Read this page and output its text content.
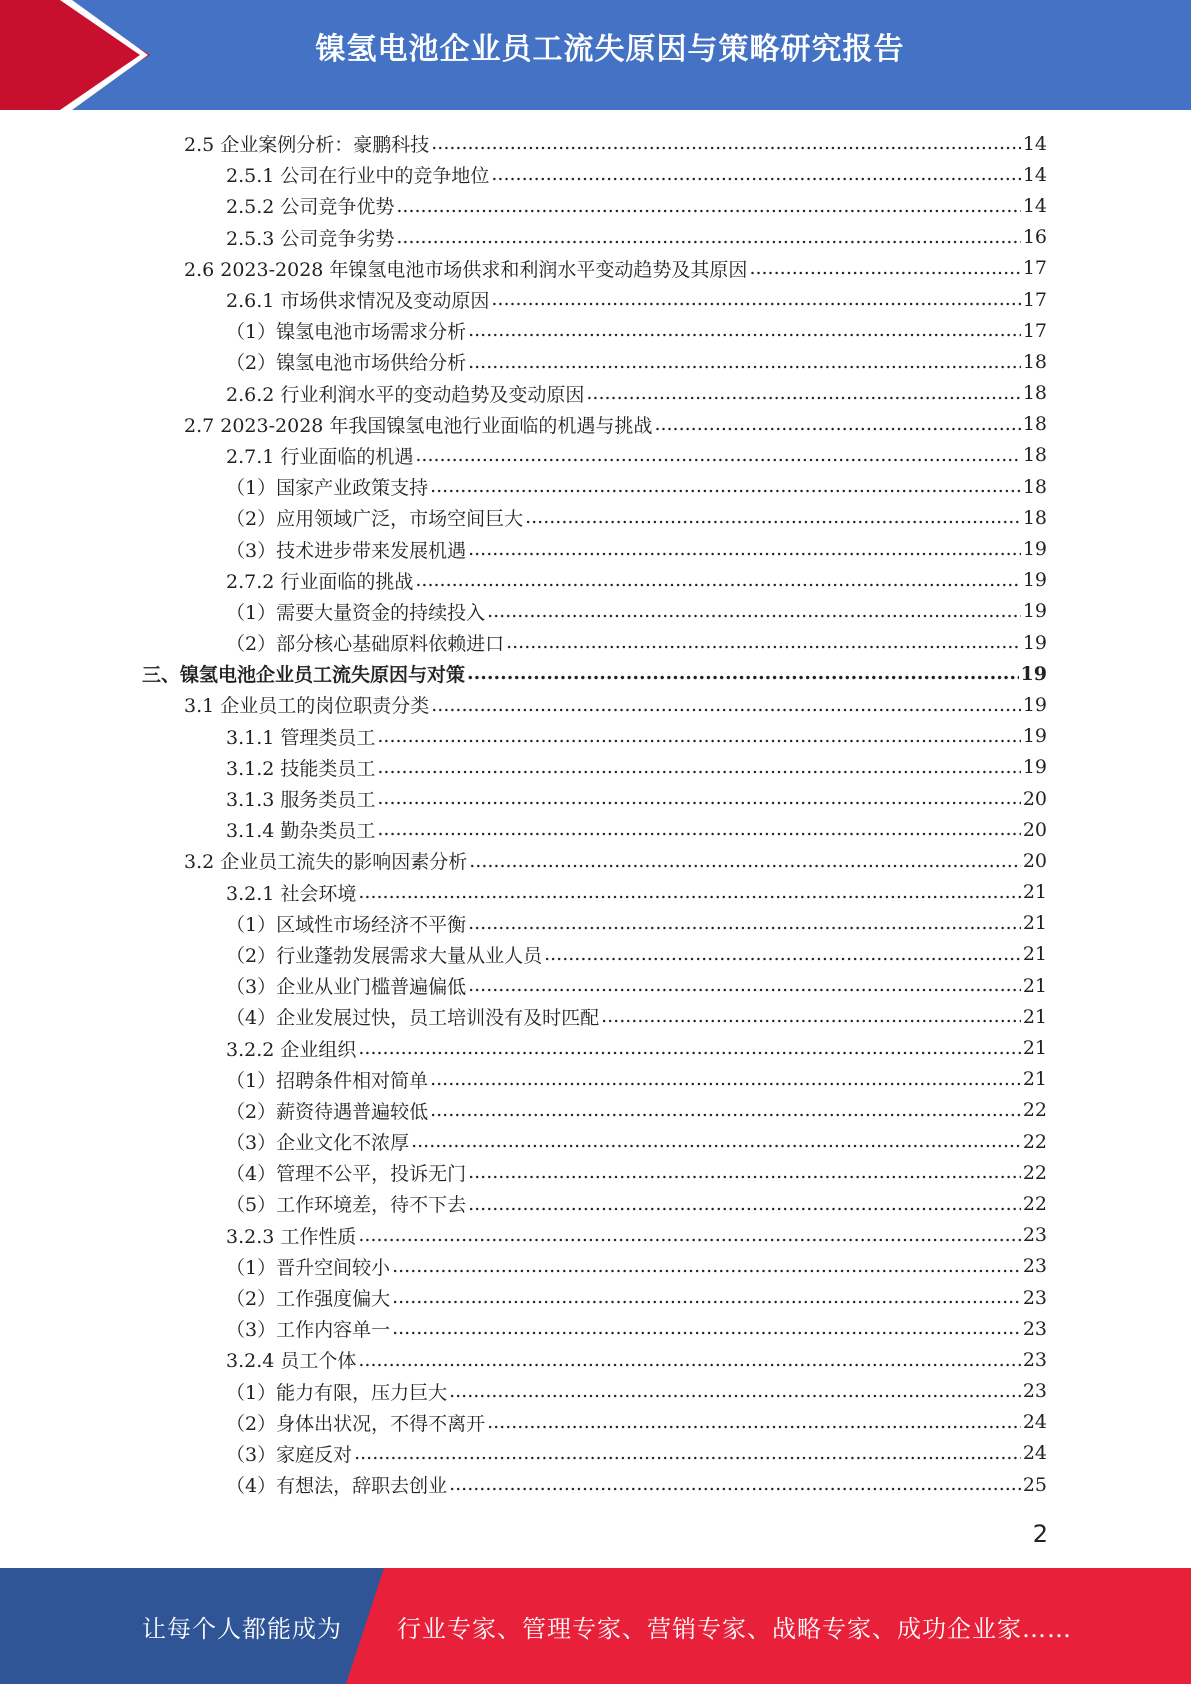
镍氢电池企业员工流失原因与策略研究报告
2.5 企业案例分析：豪鹏科技 .....	14
2.5.1 公司在行业中的竞争地位 .....	14
2.5.2 公司竞争优势 .....	14
2.5.3 公司竞争劣势 .....	16
2.6 2023-2028 年镍氢电池市场供求和利润水平变动趋势及其原因 .....	17
2.6.1 市场供求情况及变动原因 .....	17
（1）镍氢电池市场需求分析 .....	17
（2）镍氢电池市场供给分析 .....	18
2.6.2 行业利润水平的变动趋势及变动原因 .....	18
2.7 2023-2028 年我国镍氢电池行业面临的机遇与挑战 .....	18
2.7.1 行业面临的机遇 .....	18
（1）国家产业政策支持 .....	18
（2）应用领域广泛，市场空间巨大 .....	18
（3）技术进步带来发展机遇 .....	19
2.7.2 行业面临的挑战 .....	19
（1）需要大量资金的持续投入 .....	19
（2）部分核心基础原料依赖进口 .....	19
三、镍氢电池企业员工流失原因与对策 .....	19
3.1 企业员工的岗位职责分类 .....	19
3.1.1 管理类员工 .....	19
3.1.2 技能类员工 .....	19
3.1.3 服务类员工 .....	20
3.1.4 勤杂类员工 .....	20
3.2 企业员工流失的影响因素分析 .....	20
3.2.1 社会环境 .....	21
（1）区域性市场经济不平衡 .....	21
（2）行业蓬勃发展需求大量从业人员 .....	21
（3）企业从业门槛普遍偏低 .....	21
（4）企业发展过快，员工培训没有及时匹配 .....	21
3.2.2 企业组织 .....	21
（1）招聘条件相对简单 .....	21
（2）薪资待遇普遍较低 .....	22
（3）企业文化不浓厚 .....	22
（4）管理不公平，投诉无门 .....	22
（5）工作环境差，待不下去 .....	22
3.2.3 工作性质 .....	23
（1）晋升空间较小 .....	23
（2）工作强度偏大 .....	23
（3）工作内容单一 .....	23
3.2.4 员工个体 .....	23
（1）能力有限，压力巨大 .....	23
（2）身体出状况，不得不离开 .....	24
（3）家庭反对 .....	24
（4）有想法，辞职去创业 .....	25
2
让每个人都能成为 行业专家、管理专家、营销专家、战略专家、成功企业家……
